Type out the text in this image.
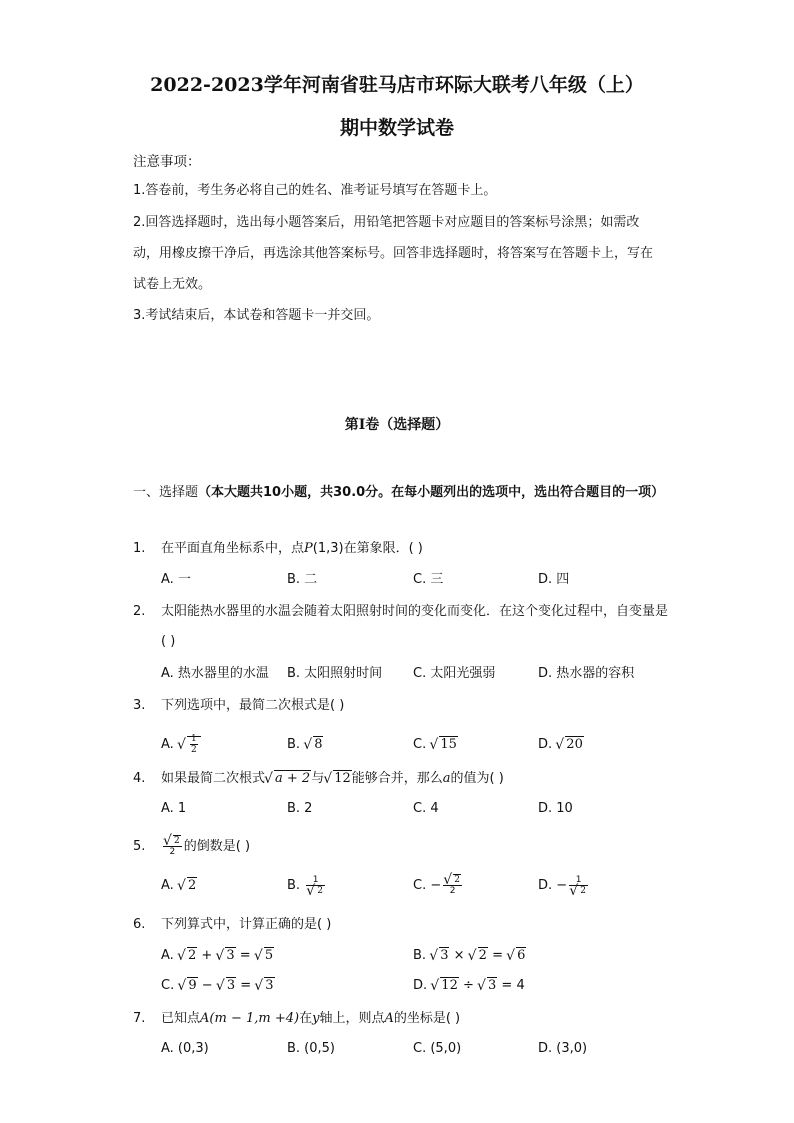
2022-2023学年河南省驻马店市环际大联考八年级（上）
期中数学试卷
注意事项：
1.答卷前，考生务必将自己的姓名、准考证号填写在答题卡上。
2.回答选择题时，选出每小题答案后，用铅笔把答题卡对应题目的答案标号涂黑；如需改动，用橡皮擦干净后，再选涂其他答案标号。回答非选择题时，将答案写在答题卡上，写在试卷上无效。
3.考试结束后，本试卷和答题卡一并交回。
第I卷（选择题）
一、选择题（本大题共10小题，共30.0分。在每小题列出的选项中，选出符合题目的一项）
1. 在平面直角坐标系中，点P(1,3)在第象限．( )
A. 一	B. 二	C. 三	D. 四
2. 太阳能热水器里的水温会随着太阳照射时间的变化而变化．在这个变化过程中，自变量是( )
A. 热水器里的水温 B. 太阳照射时间 C. 太阳光强弱	D. 热水器的容积
3. 下列选项中，最简二次根式是( )
A. √ $\frac{1}{2}$	B. √ 8	C. √ 15	D. √ 20
4. 如果最简二次根式 √ a + 2与 √ 12能够合并，那么a的值为( )
A. 1	B. 2	C. 4	D. 10
5. √ $\frac{2}{2}$ 的倒数是( )
A. √ 2	B. 1
√ 2	C. − √ $\frac{2}{2}$	D. − 1
√ 2
6. 下列算式中，计算正确的是( )
A. √ 2 + √ 3 = √ 5	B. √ 3 × √ 2 = √ 6
C. √ 9 − √ 3 = √ 3	D. √ 12 ÷ √ 3 = 4
7. 已知点A(m − 1,m +4)在y轴上，则点A的坐标是( )
A. (0,3)	B. (0,5)	C. (5,0)	D. (3,0)
